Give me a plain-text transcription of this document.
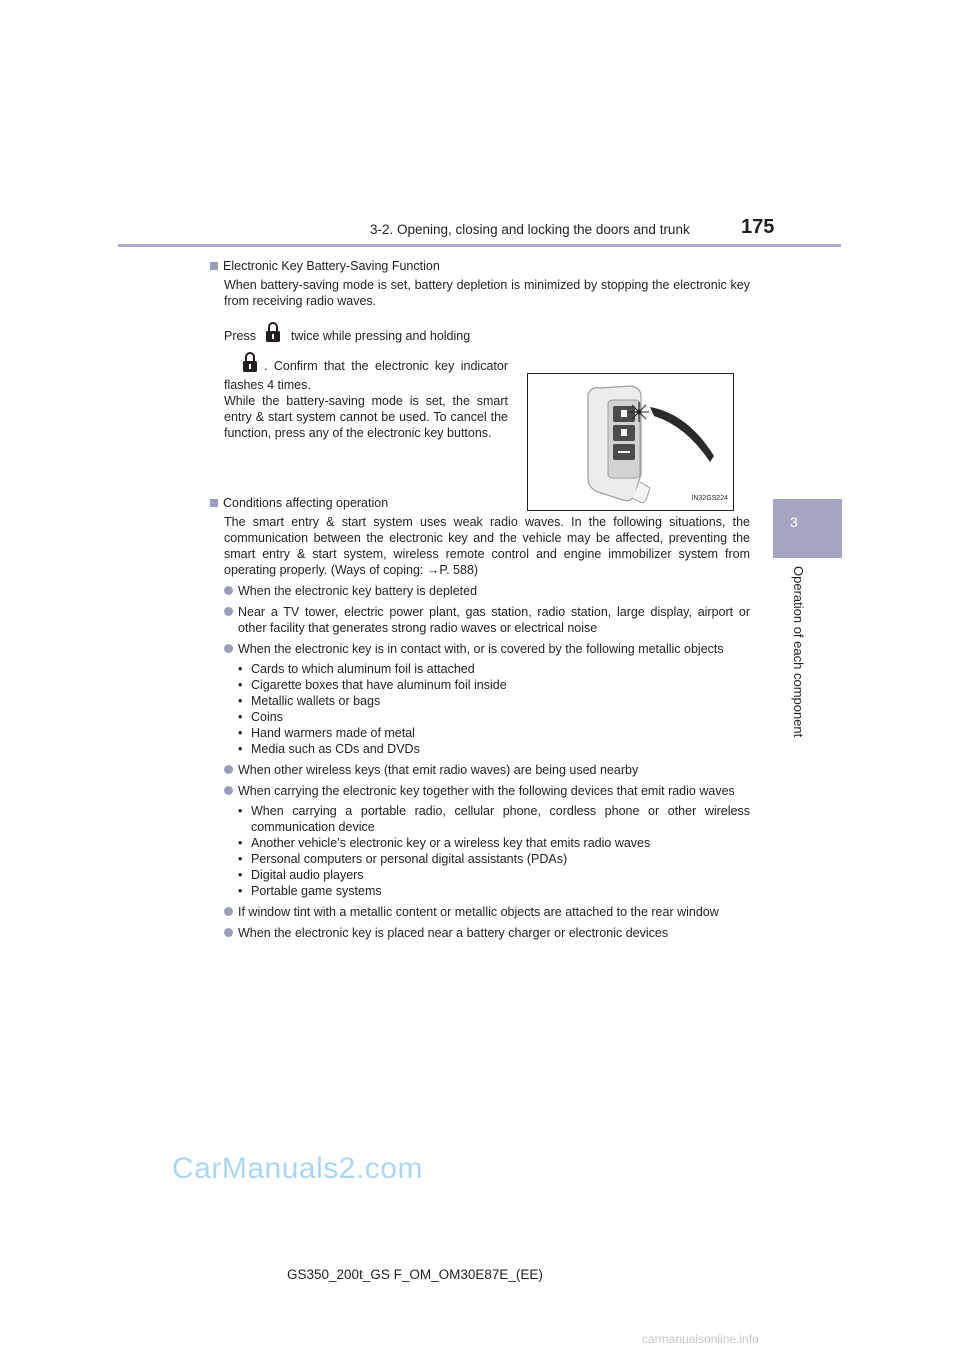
3-2. Opening, closing and locking the doors and trunk	175
3
Operation of each component
Electronic Key Battery-Saving Function

When battery-saving mode is set, battery depletion is minimized by stopping the electronic key from receiving radio waves.

Press	twice while pressing and holding

. Confirm that the electronic key indicator flashes 4 times.

While the battery-saving mode is set, the smart entry & start system cannot be used. To cancel the function, press any of the electronic key buttons.

IN32GS224
Conditions affecting operation

The smart entry & start system uses weak radio waves. In the following situations, the communication between the electronic key and the vehicle may be affected, preventing the smart entry & start system, wireless remote control and engine immobilizer system from operating properly. (Ways of coping: →P. 588)

When the electronic key battery is depleted
Near a TV tower, electric power plant, gas station, radio station, large display, airport or other facility that generates strong radio waves or electrical noise
When the electronic key is in contact with, or is covered by the following metallic objects
• Cards to which aluminum foil is attached
• Cigarette boxes that have aluminum foil inside
• Metallic wallets or bags
• Coins
• Hand warmers made of metal
• Media such as CDs and DVDs
When other wireless keys (that emit radio waves) are being used nearby
When carrying the electronic key together with the following devices that emit radio waves
• When carrying a portable radio, cellular phone, cordless phone or other wireless communication device
• Another vehicle’s electronic key or a wireless key that emits radio waves
• Personal computers or personal digital assistants (PDAs)
• Digital audio players
• Portable game systems
If window tint with a metallic content or metallic objects are attached to the rear window
When the electronic key is placed near a battery charger or electronic devices
CarManuals2.com
GS350_200t_GS F_OM_OM30E87E_(EE)
carmanualsonline.info
